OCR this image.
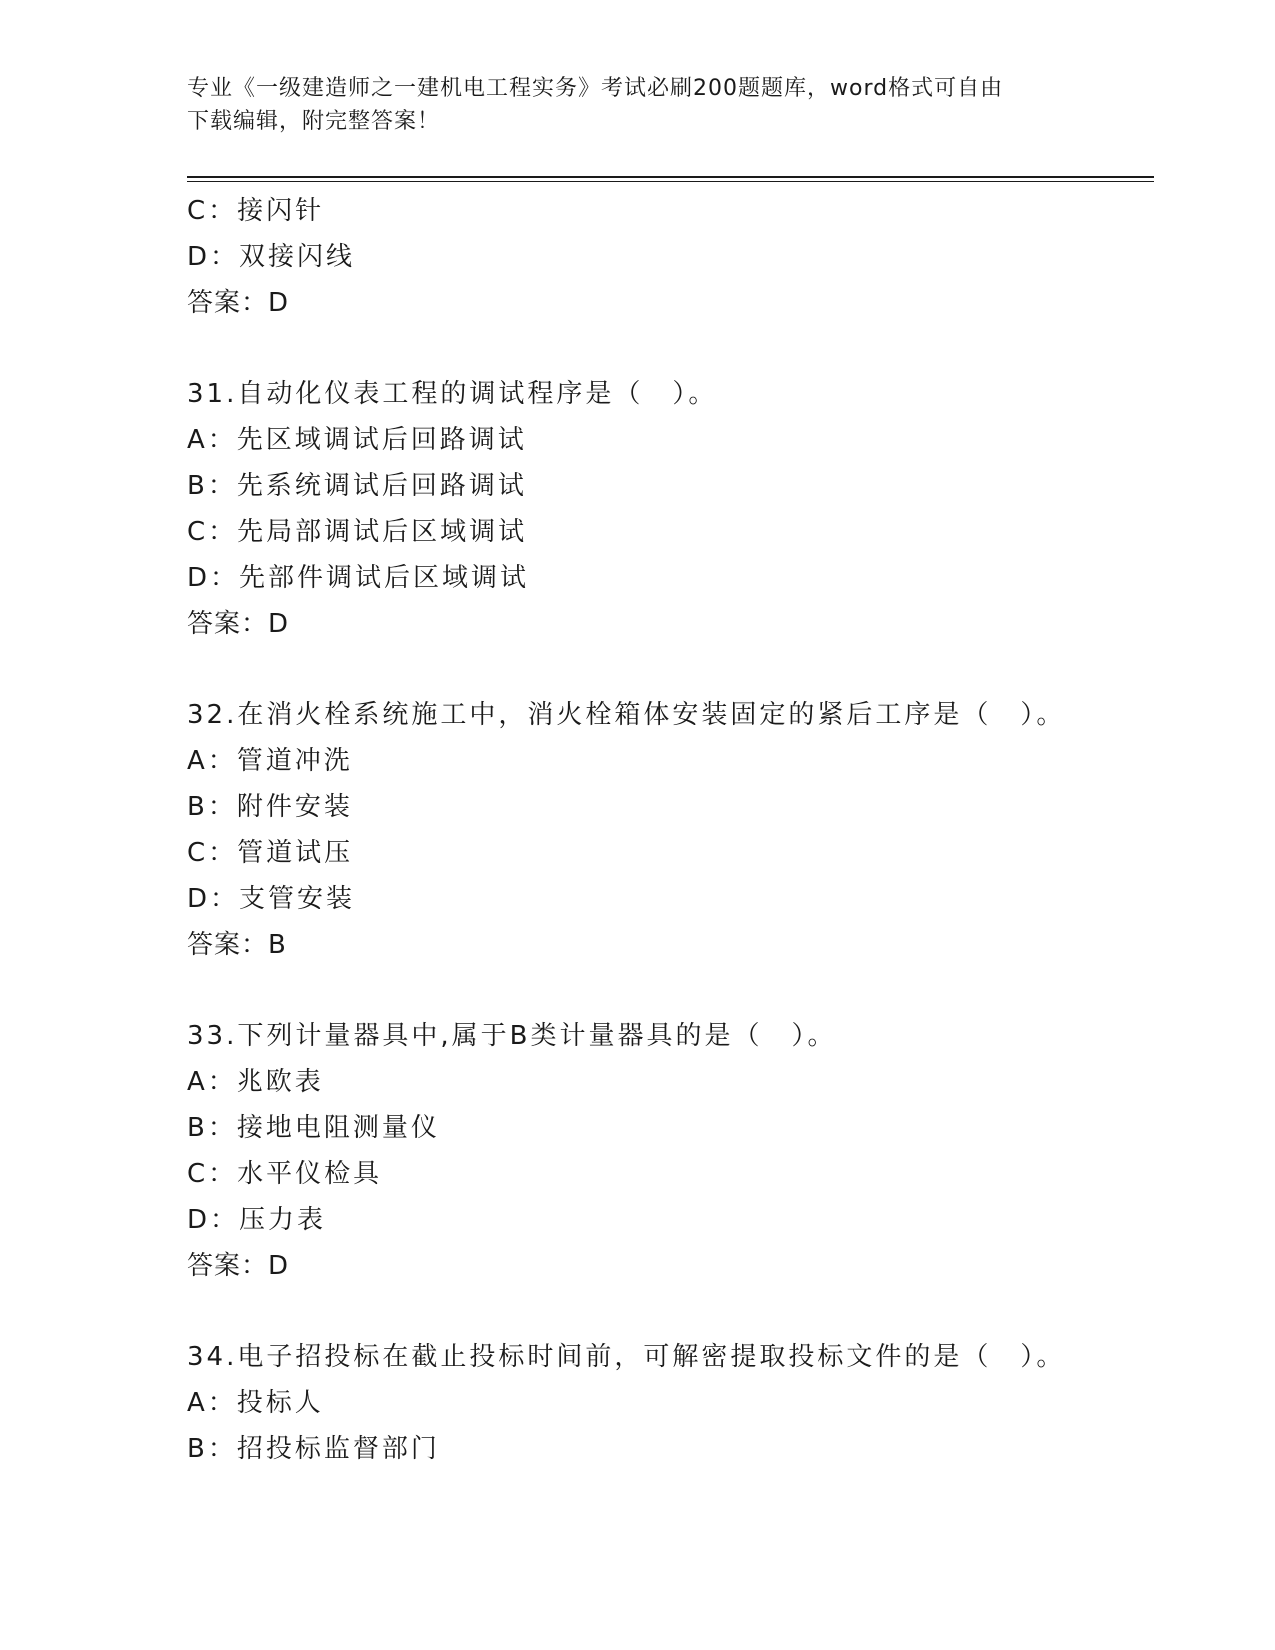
专业《一级建造师之一建机电工程实务》考试必刷200题题库，word格式可自由
下载编辑，附完整答案！
C：接闪针
D：双接闪线
答案：D
31.自动化仪表工程的调试程序是（　）。
A：先区域调试后回路调试
B：先系统调试后回路调试
C：先局部调试后区域调试
D：先部件调试后区域调试
答案：D
32.在消火栓系统施工中，消火栓箱体安装固定的紧后工序是（　）。
A：管道冲洗
B：附件安装
C：管道试压
D：支管安装
答案：B
33.下列计量器具中,属于B类计量器具的是（　）。
A：兆欧表
B：接地电阻测量仪
C：水平仪检具
D：压力表
答案：D
34.电子招投标在截止投标时间前，可解密提取投标文件的是（　）。
A：投标人
B：招投标监督部门
